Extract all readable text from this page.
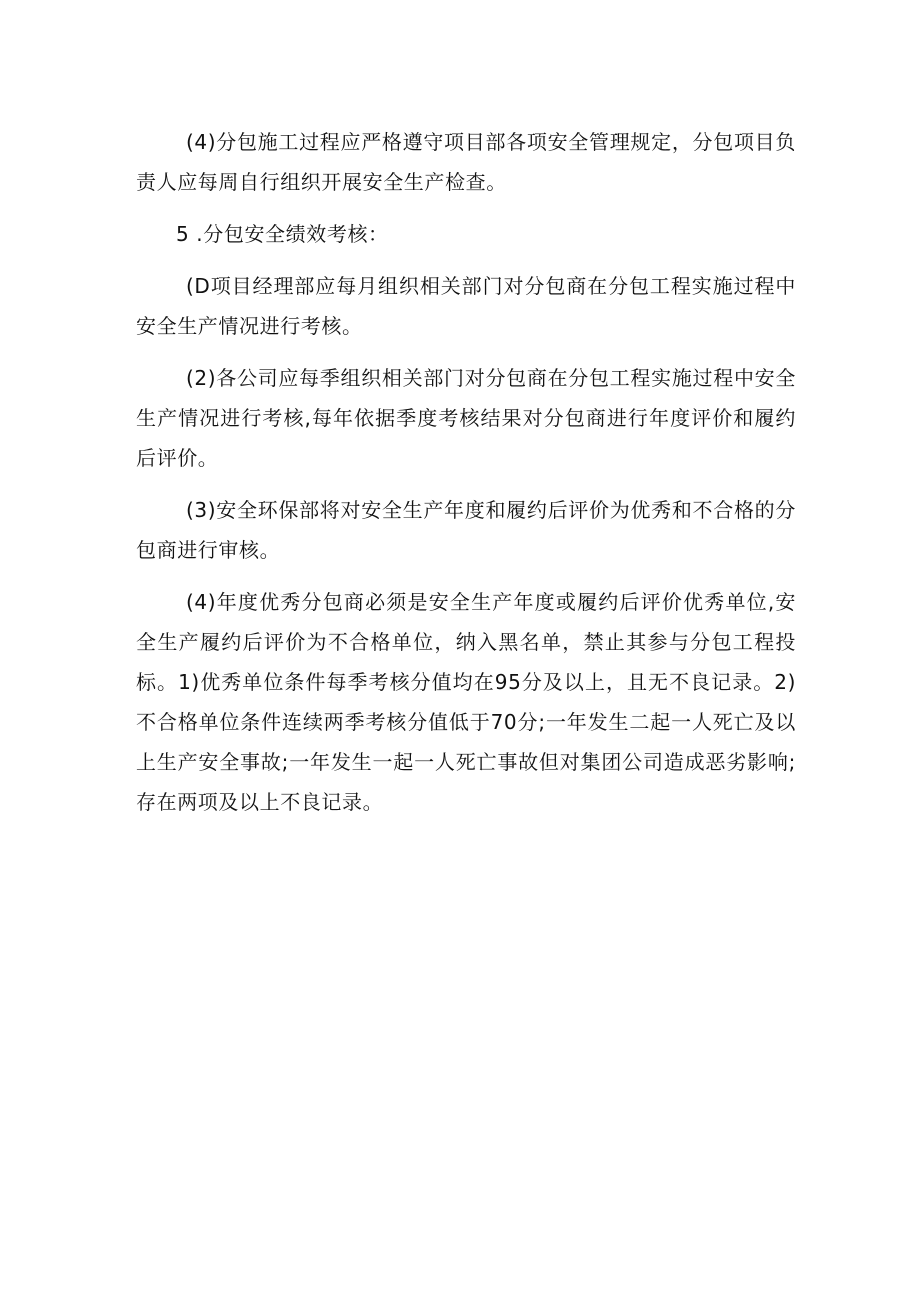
(4)分包施工过程应严格遵守项目部各项安全管理规定，分包项目负责人应每周自行组织开展安全生产检查。

5 .分包安全绩效考核：

(D项目经理部应每月组织相关部门对分包商在分包工程实施过程中安全生产情况进行考核。

(2)各公司应每季组织相关部门对分包商在分包工程实施过程中安全生产情况进行考核,每年依据季度考核结果对分包商进行年度评价和履约后评价。

(3)安全环保部将对安全生产年度和履约后评价为优秀和不合格的分包商进行审核。

(4)年度优秀分包商必须是安全生产年度或履约后评价优秀单位,安全生产履约后评价为不合格单位，纳入黑名单，禁止其参与分包工程投标。1)优秀单位条件每季考核分值均在95分及以上，且无不良记录。2)不合格单位条件连续两季考核分值低于70分;一年发生二起一人死亡及以上生产安全事故;一年发生一起一人死亡事故但对集团公司造成恶劣影响;存在两项及以上不良记录。
